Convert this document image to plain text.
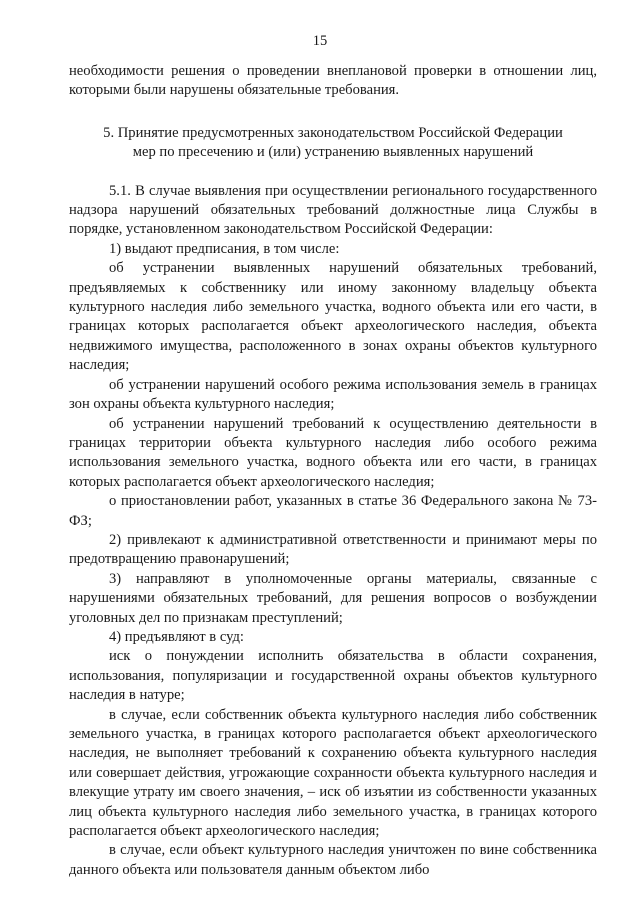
15

необходимости решения о проведении внеплановой проверки в отношении лиц, которыми были нарушены обязательные требования.

5. Принятие предусмотренных законодательством Российской Федерации
мер по пресечению и (или) устранению выявленных нарушений

5.1. В случае выявления при осуществлении регионального государственного надзора нарушений обязательных требований должностные лица Службы в порядке, установленном законодательством Российской Федерации:

1) выдают предписания, в том числе:

об устранении выявленных нарушений обязательных требований, предъявляемых к собственнику или иному законному владельцу объекта культурного наследия либо земельного участка, водного объекта или его части, в границах которых располагается объект археологического наследия, объекта недвижимого имущества, расположенного в зонах охраны объектов культурного наследия;

об устранении нарушений особого режима использования земель в границах зон охраны объекта культурного наследия;

об устранении нарушений требований к осуществлению деятельности в границах территории объекта культурного наследия либо особого режима использования земельного участка, водного объекта или его части, в границах которых располагается объект археологического наследия;

о приостановлении работ, указанных в статье 36 Федерального закона № 73-ФЗ;

2) привлекают к административной ответственности и принимают меры по предотвращению правонарушений;

3) направляют в уполномоченные органы материалы, связанные с нарушениями обязательных требований, для решения вопросов о возбуждении уголовных дел по признакам преступлений;

4) предъявляют в суд:

иск о понуждении исполнить обязательства в области сохранения, использования, популяризации и государственной охраны объектов культурного наследия в натуре;

в случае, если собственник объекта культурного наследия либо собственник земельного участка, в границах которого располагается объект археологического наследия, не выполняет требований к сохранению объекта культурного наследия или совершает действия, угрожающие сохранности объекта культурного наследия и влекущие утрату им своего значения, – иск об изъятии из собственности указанных лиц объекта культурного наследия либо земельного участка, в границах которого располагается объект археологического наследия;

в случае, если объект культурного наследия уничтожен по вине собственника данного объекта или пользователя данным объектом либо
